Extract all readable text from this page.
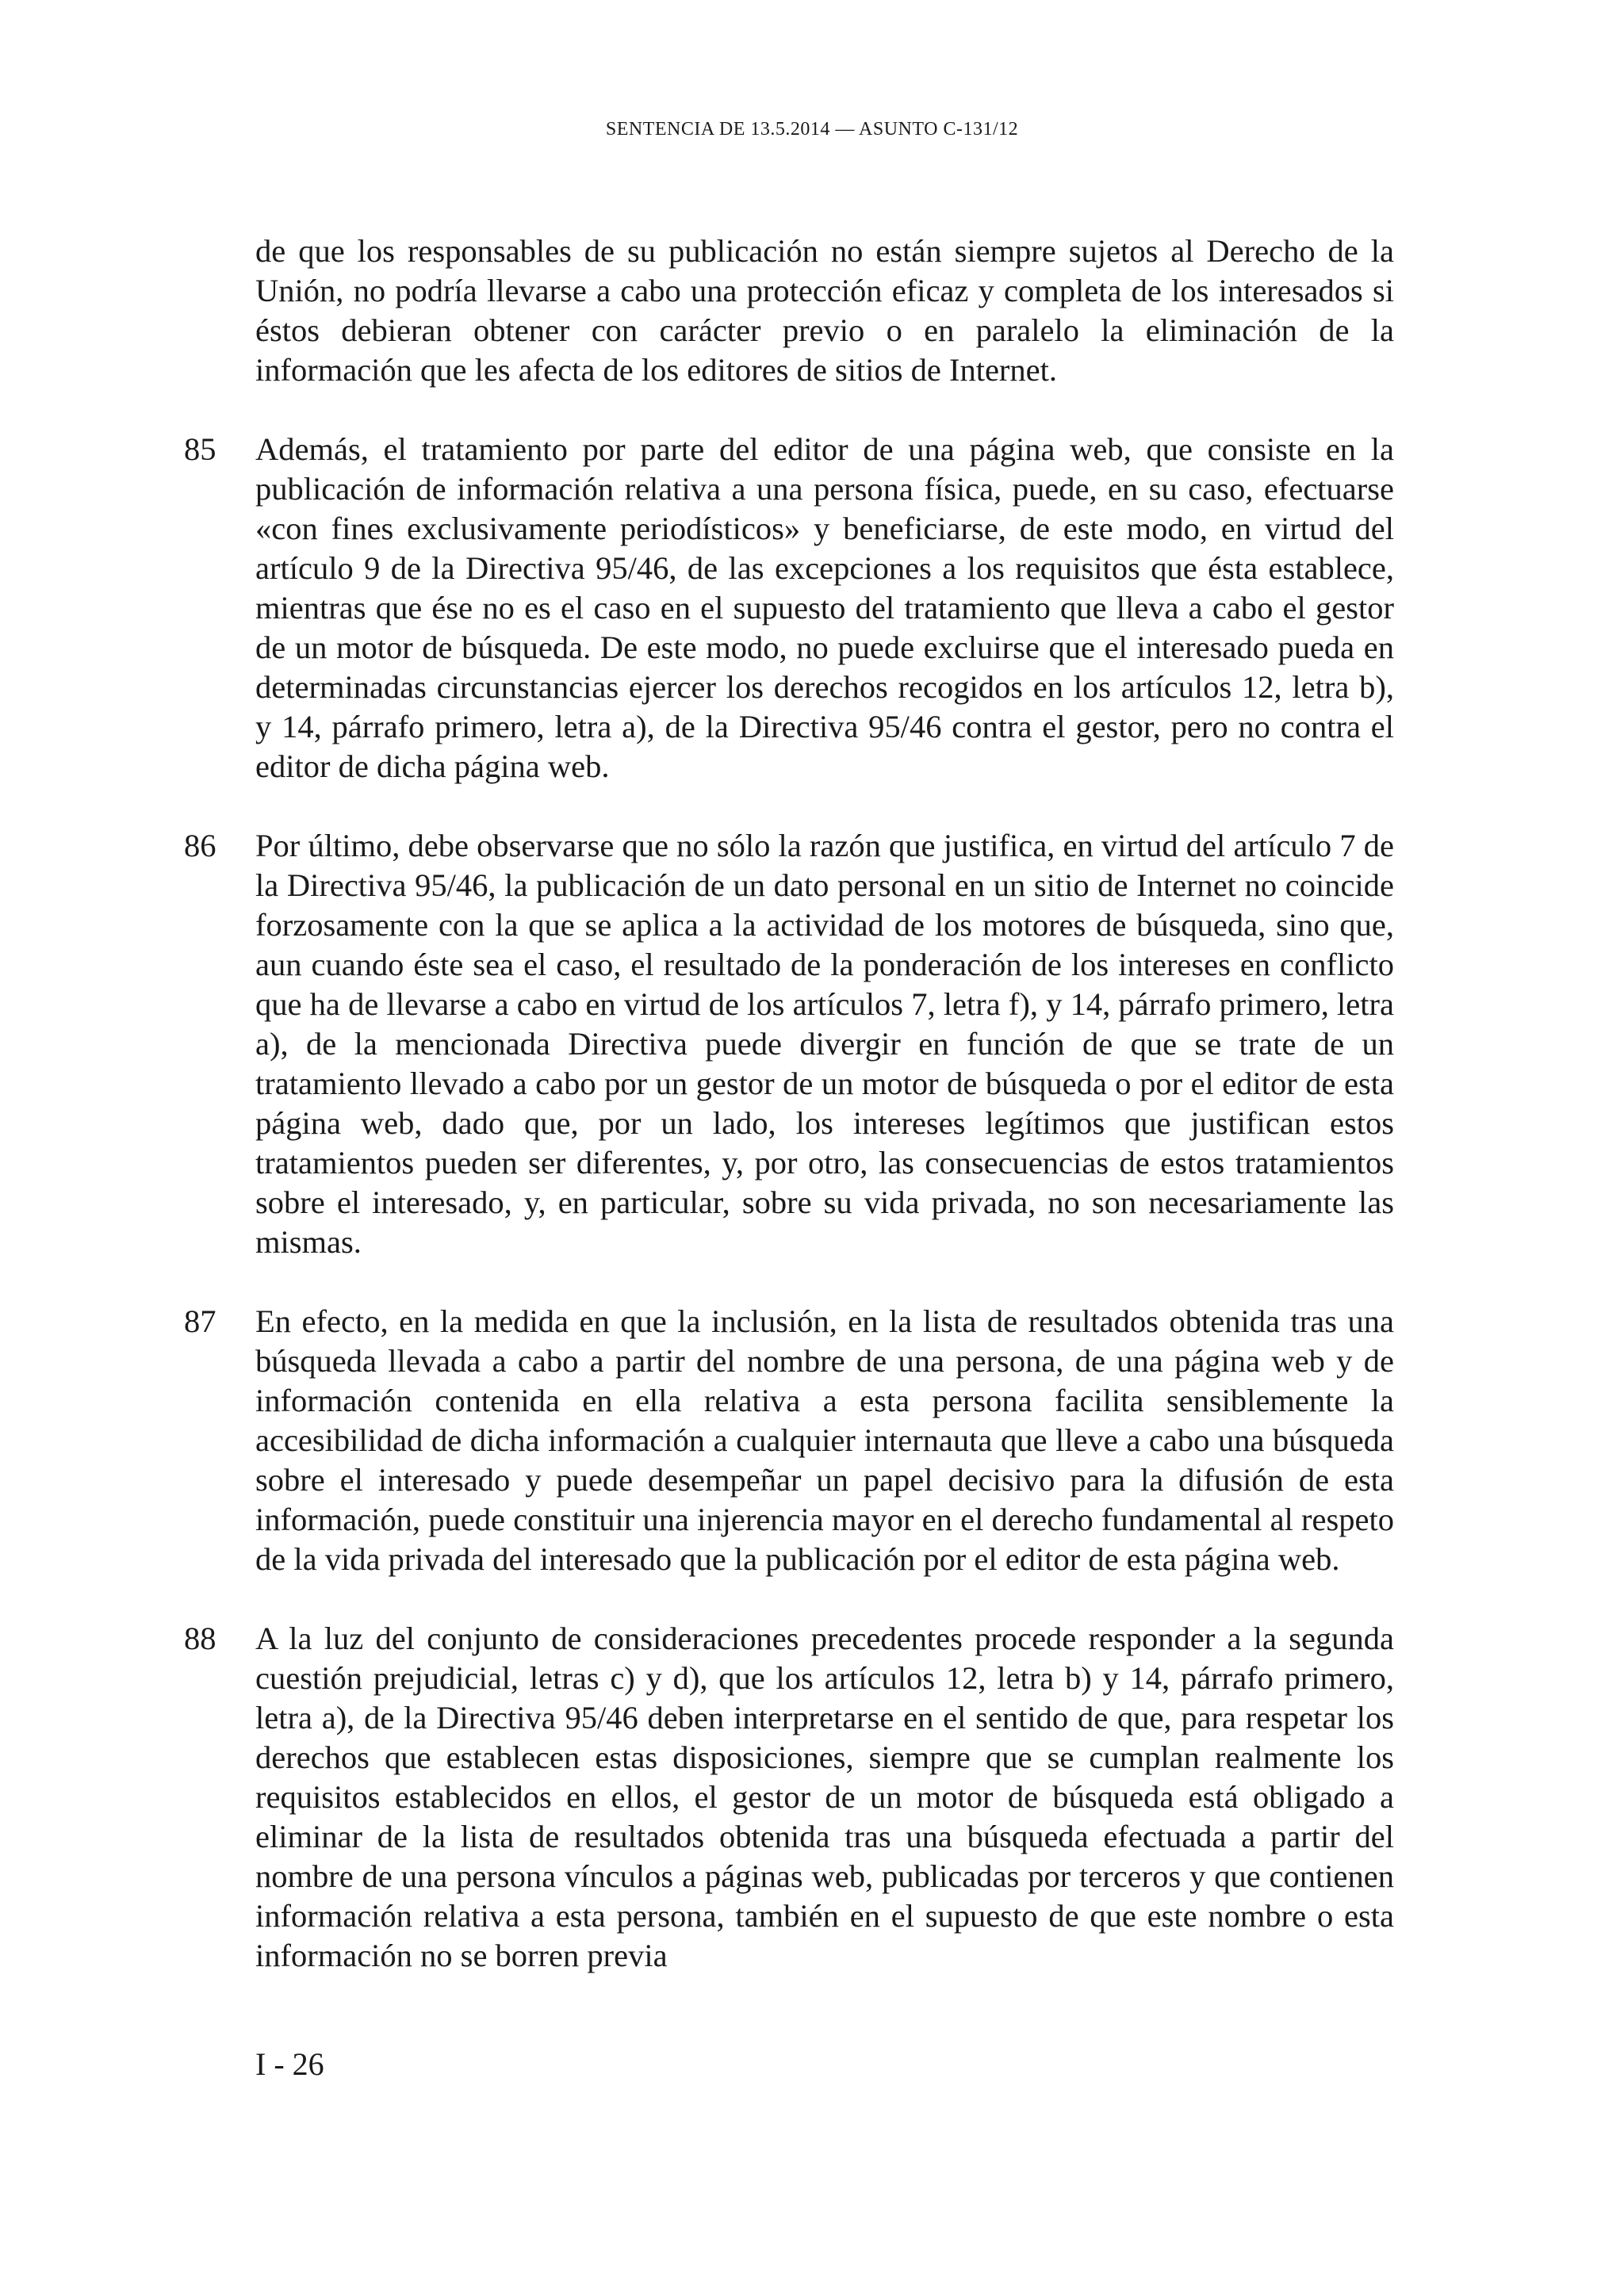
SENTENCIA DE 13.5.2014 — ASUNTO C-131/12

de que los responsables de su publicación no están siempre sujetos al Derecho de la Unión, no podría llevarse a cabo una protección eficaz y completa de los interesados si éstos debieran obtener con carácter previo o en paralelo la eliminación de la información que les afecta de los editores de sitios de Internet.

85	Además, el tratamiento por parte del editor de una página web, que consiste en la publicación de información relativa a una persona física, puede, en su caso, efectuarse «con fines exclusivamente periodísticos» y beneficiarse, de este modo, en virtud del artículo 9 de la Directiva 95/46, de las excepciones a los requisitos que ésta establece, mientras que ése no es el caso en el supuesto del tratamiento que lleva a cabo el gestor de un motor de búsqueda. De este modo, no puede excluirse que el interesado pueda en determinadas circunstancias ejercer los derechos recogidos en los artículos 12, letra b), y 14, párrafo primero, letra a), de la Directiva 95/46 contra el gestor, pero no contra el editor de dicha página web.
86	Por último, debe observarse que no sólo la razón que justifica, en virtud del artículo 7 de la Directiva 95/46, la publicación de un dato personal en un sitio de Internet no coincide forzosamente con la que se aplica a la actividad de los motores de búsqueda, sino que, aun cuando éste sea el caso, el resultado de la ponderación de los intereses en conflicto que ha de llevarse a cabo en virtud de los artículos 7, letra f), y 14, párrafo primero, letra a), de la mencionada Directiva puede divergir en función de que se trate de un tratamiento llevado a cabo por un gestor de un motor de búsqueda o por el editor de esta página web, dado que, por un lado, los intereses legítimos que justifican estos tratamientos pueden ser diferentes, y, por otro, las consecuencias de estos tratamientos sobre el interesado, y, en particular, sobre su vida privada, no son necesariamente las mismas.
87	En efecto, en la medida en que la inclusión, en la lista de resultados obtenida tras una búsqueda llevada a cabo a partir del nombre de una persona, de una página web y de información contenida en ella relativa a esta persona facilita sensiblemente la accesibilidad de dicha información a cualquier internauta que lleve a cabo una búsqueda sobre el interesado y puede desempeñar un papel decisivo para la difusión de esta información, puede constituir una injerencia mayor en el derecho fundamental al respeto de la vida privada del interesado que la publicación por el editor de esta página web.
88	A la luz del conjunto de consideraciones precedentes procede responder a la segunda cuestión prejudicial, letras c) y d), que los artículos 12, letra b) y 14, párrafo primero, letra a), de la Directiva 95/46 deben interpretarse en el sentido de que, para respetar los derechos que establecen estas disposiciones, siempre que se cumplan realmente los requisitos establecidos en ellos, el gestor de un motor de búsqueda está obligado a eliminar de la lista de resultados obtenida tras una búsqueda efectuada a partir del nombre de una persona vínculos a páginas web, publicadas por terceros y que contienen información relativa a esta persona, también en el supuesto de que este nombre o esta información no se borren previa
I - 26
